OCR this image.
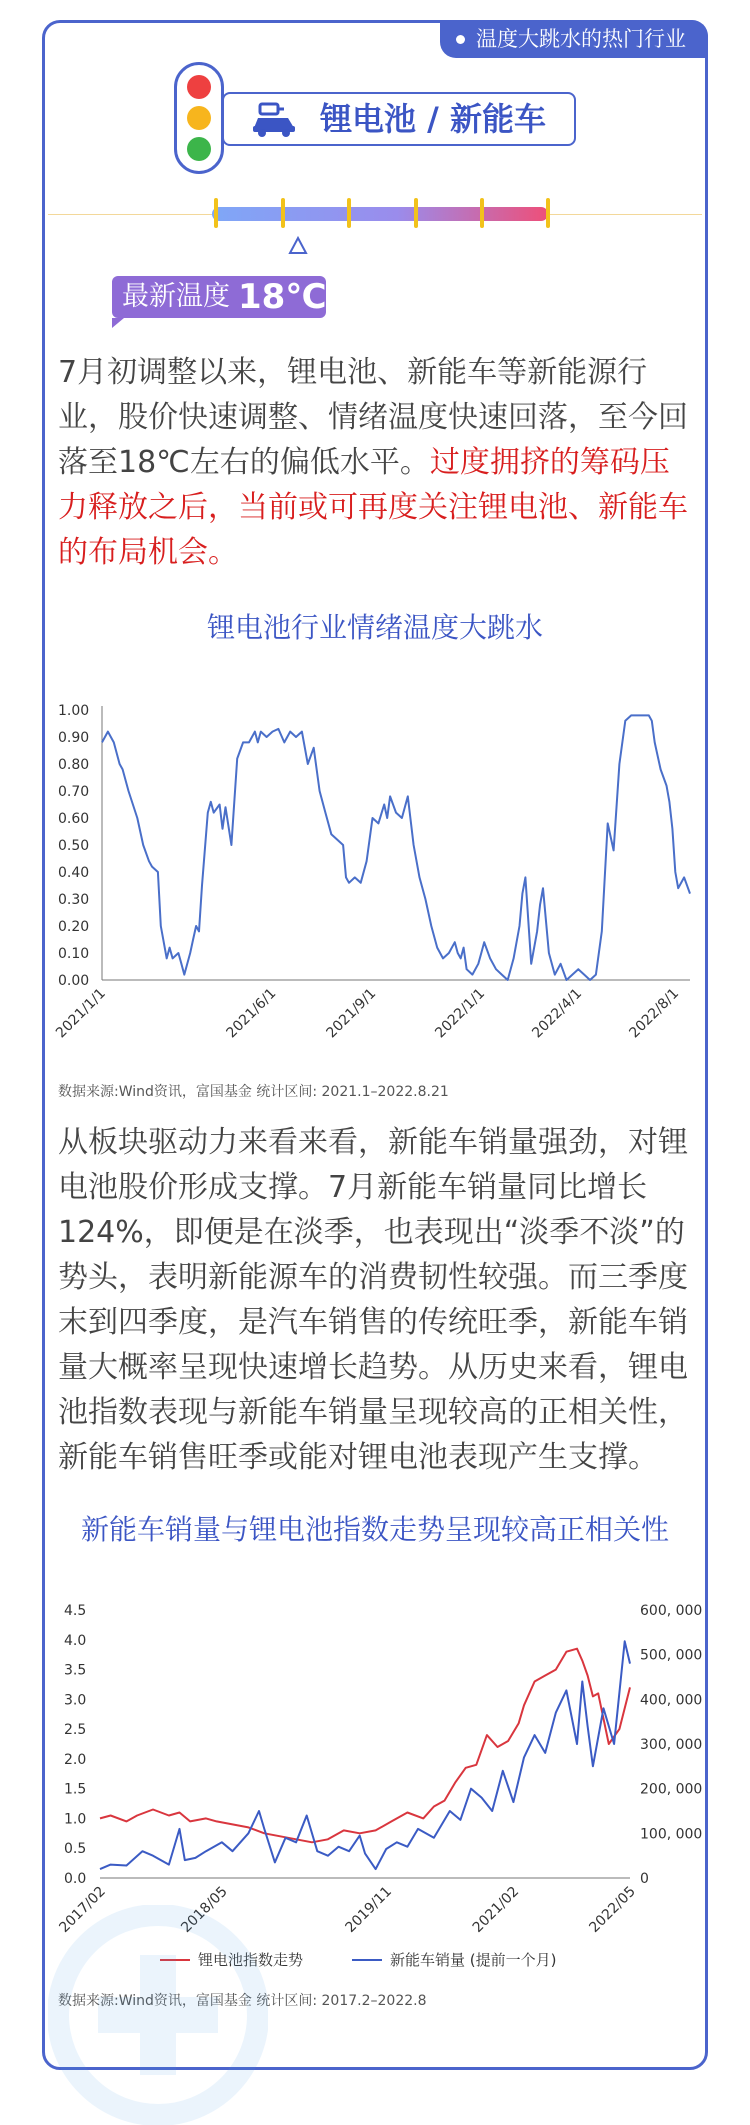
温度大跳水的热门行业
锂电池 / 新能车
最新温度 18℃
7月初调整以来，锂电池、新能车等新能源行业，股价快速调整、情绪温度快速回落，至今回落至18℃左右的偏低水平。过度拥挤的筹码压力释放之后，当前或可再度关注锂电池、新能车的布局机会。
锂电池行业情绪温度大跳水
0.00
0.10
0.20
0.30
0.40
0.50
0.60
0.70
0.80
0.90
1.00
2021/1/1	2021/6/1	2021/9/1	2022/1/1	2022/4/1	2022/8/1
数据来源:Wind资讯，富国基金 统计区间: 2021.1–2022.8.21
从板块驱动力来看来看，新能车销量强劲，对锂电池股价形成支撑。7月新能车销量同比增长124%，即便是在淡季，也表现出“淡季不淡”的势头，表明新能源车的消费韧性较强。而三季度末到四季度，是汽车销售的传统旺季，新能车销量大概率呈现快速增长趋势。从历史来看，锂电池指数表现与新能车销量呈现较高的正相关性，新能车销售旺季或能对锂电池表现产生支撑。
新能车销量与锂电池指数走势呈现较高正相关性
0.0
0.5
1.0
1.5
2.0
2.5
3.0
3.5
4.0
4.5
0
100, 000
200, 000
300, 000
400, 000
500, 000
600, 000
2017/02	2018/05	2019/11	2021/02	2022/05
锂电池指数走势	新能车销量 (提前一个月)
数据来源:Wind资讯，富国基金 统计区间: 2017.2–2022.8
